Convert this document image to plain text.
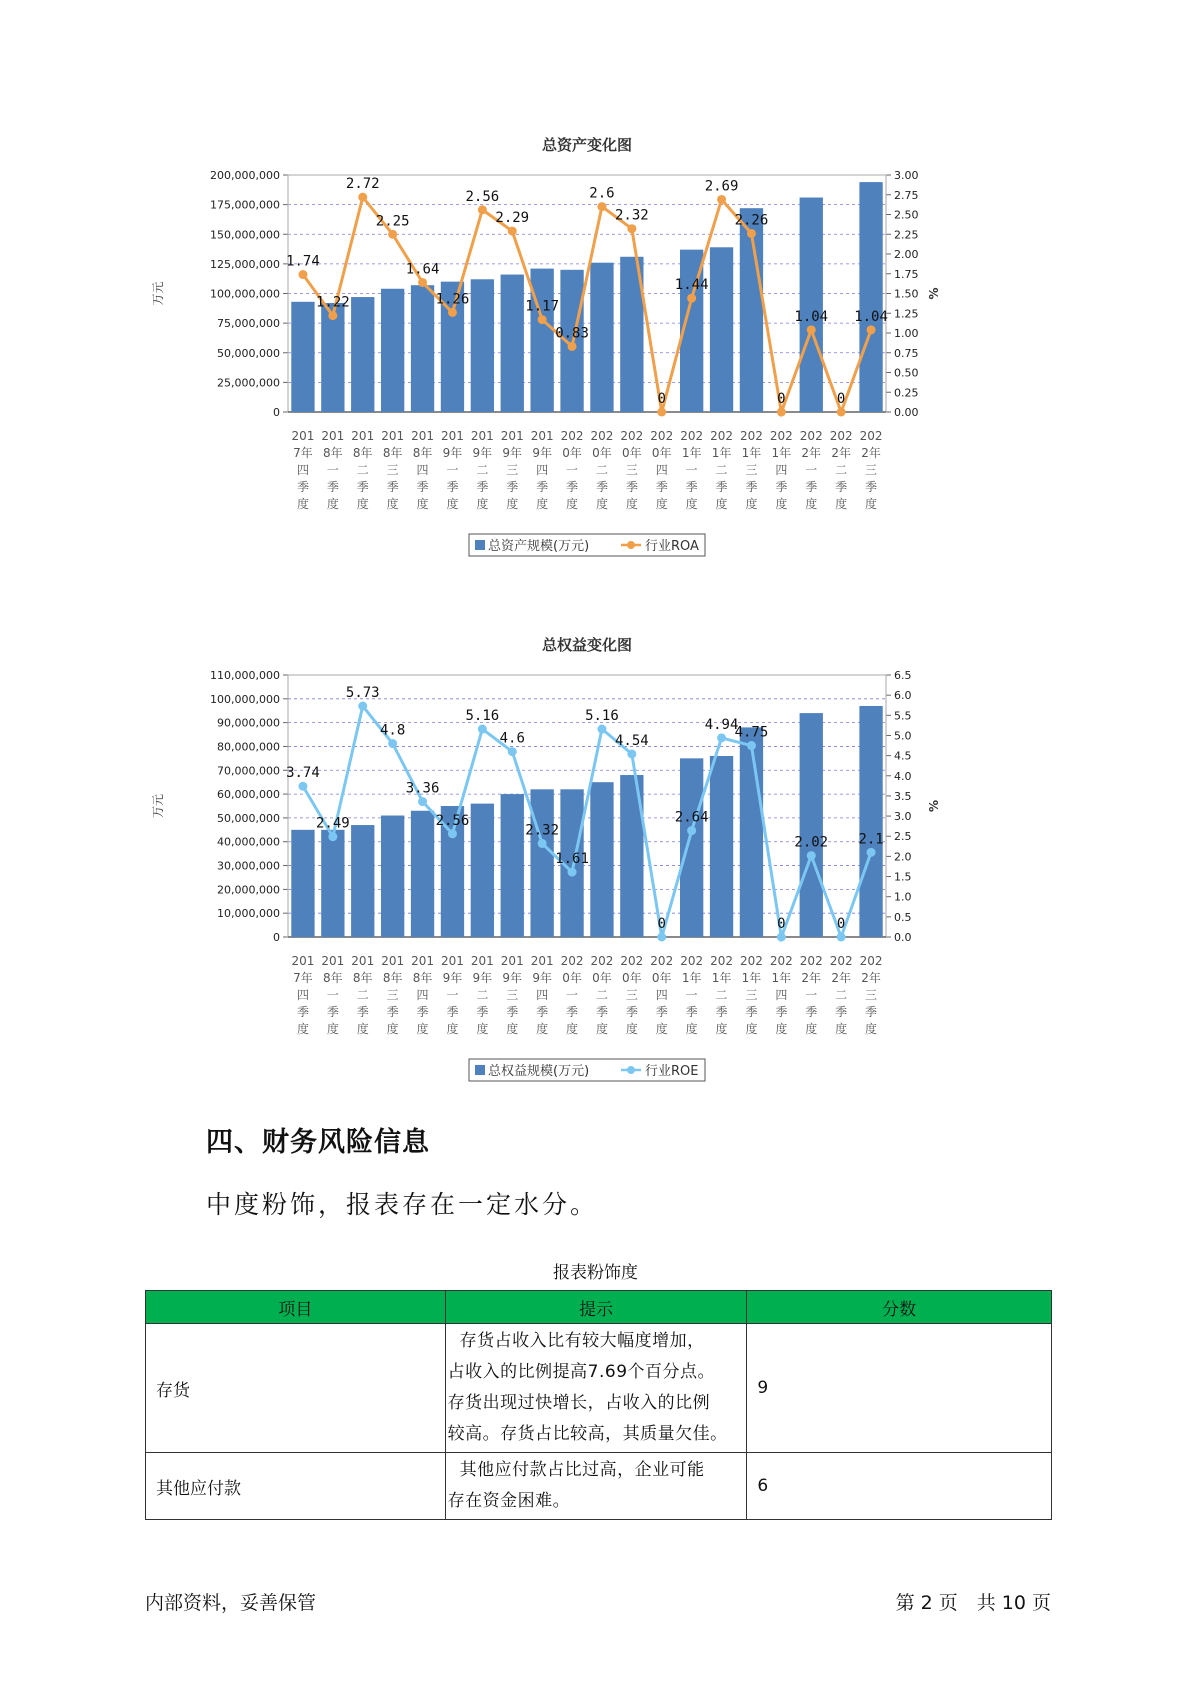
总资产变化图
0
25,000,000
50,000,000
75,000,000
100,000,000
125,000,000
150,000,000
175,000,000
200,000,000
0.00
0.25
0.50
0.75
1.00
1.25
1.50
1.75
2.00
2.25
2.50
2.75
3.00
万元	%
1.74
1.22
2.72
2.25
1.64
1.26
2.56
2.29
1.17
0.83
2.6
2.32
0
1.44
2.69
2.26
0
1.04
0
1.04
201
7年
四
季
度
201
8年
一
季
度
201
8年
二
季
度
201
8年
三
季
度
201
8年
四
季
度
201
9年
一
季
度
201
9年
二
季
度
201
9年
三
季
度
201
9年
四
季
度
202
0年
一
季
度
202
0年
二
季
度
202
0年
三
季
度
202
0年
四
季
度
202
1年
一
季
度
202
1年
二
季
度
202
1年
三
季
度
202
1年
四
季
度
202
2年
一
季
度
202
2年
二
季
度
202
2年
三
季
度
总资产规模(万元)	行业ROA
总权益变化图
0
10,000,000
20,000,000
30,000,000
40,000,000
50,000,000
60,000,000
70,000,000
80,000,000
90,000,000
100,000,000
110,000,000
0.0
0.5
1.0
1.5
2.0
2.5
3.0
3.5
4.0
4.5
5.0
5.5
6.0
6.5
万元	%
3.74
2.49
5.73
4.8
3.36
2.56
5.16
4.6
2.32
1.61
5.16
4.54
0
2.64
4.94
4.75
0
2.02
0
2.1
201
7年
四
季
度
201
8年
一
季
度
201
8年
二
季
度
201
8年
三
季
度
201
8年
四
季
度
201
9年
一
季
度
201
9年
二
季
度
201
9年
三
季
度
201
9年
四
季
度
202
0年
一
季
度
202
0年
二
季
度
202
0年
三
季
度
202
0年
四
季
度
202
1年
一
季
度
202
1年
二
季
度
202
1年
三
季
度
202
1年
四
季
度
202
2年
一
季
度
202
2年
二
季
度
202
2年
三
季
度
总权益规模(万元)	行业ROE
四、财务风险信息
中度粉饰，报表存在一定水分。
报表粉饰度
项目	提示	分数
存货	存货占收入比有较大幅度增加，
占收入的比例提高7.69个百分点。
存货出现过快增长，占收入的比例
较高。存货占比较高，其质量欠佳。	9
其他应付款	其他应付款占比过高，企业可能
存在资金困难。	6
内部资料，妥善保管	第 2 页　共 10 页
